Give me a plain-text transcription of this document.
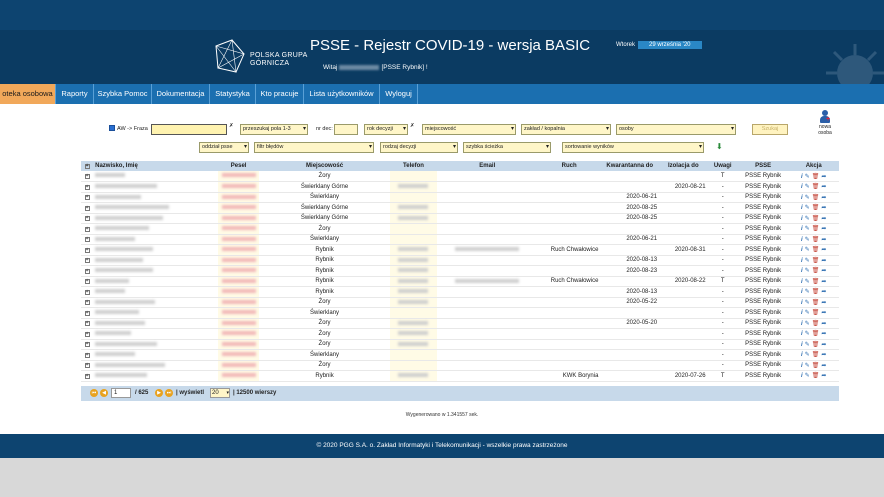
POLSKA GRUPA
GÓRNICZA
PSSE - Rejestr COVID-19 - wersja BASIC
Witaj	[PSSE Rybnik] !
Wtorek	29 września '20
oteka osobowa	Raporty	Szybka Pomoc	Dokumentacja	Statystyka	Kto pracuje	Lista użytkowników	Wyloguj
AW -> Fraza	✗	przeszukaj pola 1-3 ▾ nr dec:	rok decyzji ▾ ✗	miejscowość	▾	zakład / kopalnia	▾	osoby	▾	Szukaj
+
nowa
osoba
oddział psse ▾	filtr błędów	▾	rodzaj decyzji	▾	szybka ścieżka	▾	sortowanie wyników	▾ ⬇
+	Nazwisko, Imię	Pesel	Miejscowość	Telefon	Email	Ruch	Kwarantanna do	Izolacja do	Uwagi	PSSE	Akcja
+			Żory						T	PSSE Rybnik	i ✎ 🗑 ➦
+			Świerklany Górne					2020-08-21	-	PSSE Rybnik	i ✎ 🗑 ➦
+			Świerklany				2020-06-21		-	PSSE Rybnik	i ✎ 🗑 ➦
+			Świerklany Górne				2020-08-25		-	PSSE Rybnik	i ✎ 🗑 ➦
+			Świerklany Górne				2020-08-25		-	PSSE Rybnik	i ✎ 🗑 ➦
+			Żory						-	PSSE Rybnik	i ✎ 🗑 ➦
+			Świerklany				2020-06-21		-	PSSE Rybnik	i ✎ 🗑 ➦
+			Rybnik			Ruch Chwałowice		2020-08-31	-	PSSE Rybnik	i ✎ 🗑 ➦
+			Rybnik				2020-08-13		-	PSSE Rybnik	i ✎ 🗑 ➦
+			Rybnik				2020-08-23		-	PSSE Rybnik	i ✎ 🗑 ➦
+			Rybnik			Ruch Chwałowice		2020-08-22	T	PSSE Rybnik	i ✎ 🗑 ➦
+			Rybnik				2020-08-13		-	PSSE Rybnik	i ✎ 🗑 ➦
+			Żory				2020-05-22		-	PSSE Rybnik	i ✎ 🗑 ➦
+			Świerklany						-	PSSE Rybnik	i ✎ 🗑 ➦
+			Żory				2020-05-20		-	PSSE Rybnik	i ✎ 🗑 ➦
+			Żory						-	PSSE Rybnik	i ✎ 🗑 ➦
+			Żory						-	PSSE Rybnik	i ✎ 🗑 ➦
+			Świerklany						-	PSSE Rybnik	i ✎ 🗑 ➦
+			Żory						-	PSSE Rybnik	i ✎ 🗑 ➦
+			Rybnik			KWK Borynia		2020-07-26	T	PSSE Rybnik	i ✎ 🗑 ➦
⏮	◀	1	/ 625	▶	⏭ | wyświetl	20 ▾ | 12500 wierszy
Wygenerowano w 1.341557 sek.
© 2020 PGG S.A. o. Zakład Informatyki i Telekomunikacji - wszelkie prawa zastrzeżone
